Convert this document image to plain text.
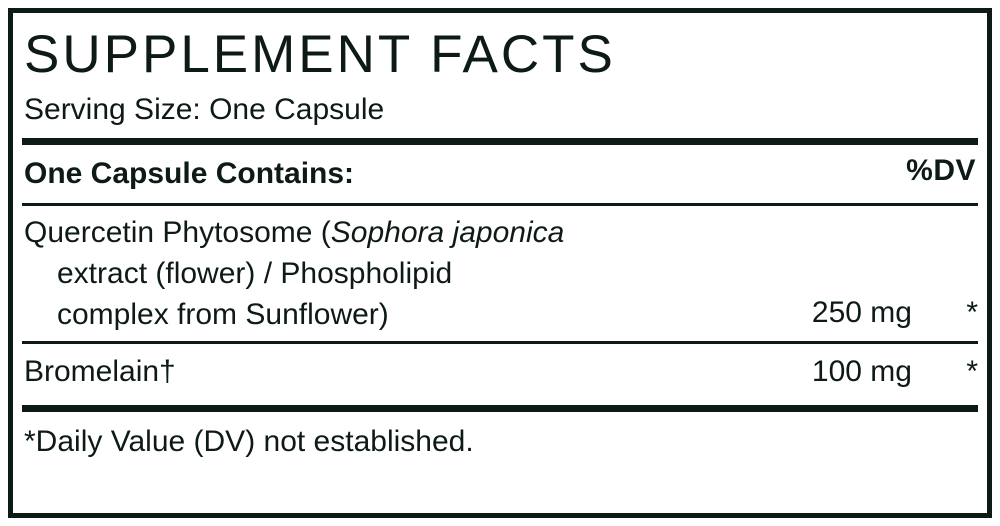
SUPPLEMENT FACTS
Serving Size: One Capsule
One Capsule Contains:	%DV
Quercetin Phytosome (Sophora japonica
extract (flower) / Phospholipid
complex from Sunflower)	250 mg	*
Bromelain†	100 mg	*
*Daily Value (DV) not established.
